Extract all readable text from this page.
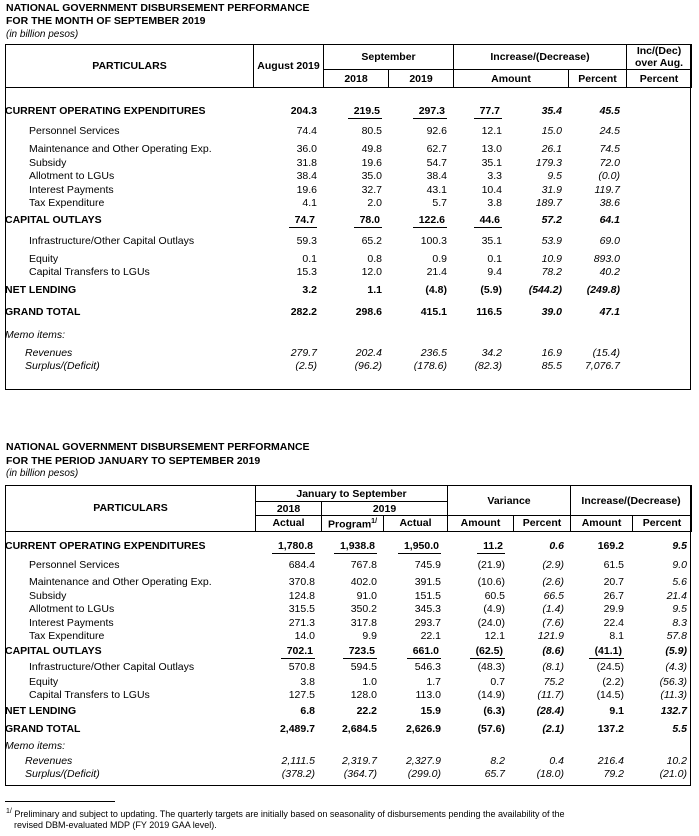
NATIONAL GOVERNMENT DISBURSEMENT PERFORMANCE
FOR THE MONTH OF SEPTEMBER 2019
(in billion pesos)
PARTICULARS	August 2019	September		Increase/(Decrease)		Inc/(Dec)
over Aug.
		2018	2019	Amount	Percent	Percent
CURRENT OPERATING EXPENDITURES	204.3	219.5	297.3	77.7	35.4	45.5
Personnel Services	74.4	80.5	92.6	12.1	15.0	24.5
Maintenance and Other Operating Exp.	36.0	49.8	62.7	13.0	26.1	74.5
Subsidy	31.8	19.6	54.7	35.1	179.3	72.0
Allotment to LGUs	38.4	35.0	38.4	3.3	9.5	(0.0)
Interest Payments	19.6	32.7	43.1	10.4	31.9	119.7
Tax Expenditure	4.1	2.0	5.7	3.8	189.7	38.6
CAPITAL OUTLAYS	74.7	78.0	122.6	44.6	57.2	64.1
Infrastructure/Other Capital Outlays	59.3	65.2	100.3	35.1	53.9	69.0
Equity	0.1	0.8	0.9	0.1	10.9	893.0
Capital Transfers to LGUs	15.3	12.0	21.4	9.4	78.2	40.2
NET LENDING	3.2	1.1	(4.8)	(5.9)	(544.2)	(249.8)
GRAND TOTAL	282.2	298.6	415.1	116.5	39.0	47.1
Memo items:						
Revenues	279.7	202.4	236.5	34.2	16.9	(15.4)
Surplus/(Deficit)	(2.5)	(96.2)	(178.6)	(82.3)	85.5	7,076.7
NATIONAL GOVERNMENT DISBURSEMENT PERFORMANCE
FOR THE PERIOD JANUARY TO SEPTEMBER 2019
(in billion pesos)
PARTICULARS	January to September			Variance		Increase/(Decrease)	
	2018	2019					
	Actual	Program$^{1/}$	Actual	Amount	Percent	Amount	Percent
CURRENT OPERATING EXPENDITURES	1,780.8	1,938.8	1,950.0	11.2	0.6	169.2	9.5
Personnel Services	684.4	767.8	745.9	(21.9)	(2.9)	61.5	9.0
Maintenance and Other Operating Exp.	370.8	402.0	391.5	(10.6)	(2.6)	20.7	5.6
Subsidy	124.8	91.0	151.5	60.5	66.5	26.7	21.4
Allotment to LGUs	315.5	350.2	345.3	(4.9)	(1.4)	29.9	9.5
Interest Payments	271.3	317.8	293.7	(24.0)	(7.6)	22.4	8.3
Tax Expenditure	14.0	9.9	22.1	12.1	121.9	8.1	57.8
CAPITAL OUTLAYS	702.1	723.5	661.0	(62.5)	(8.6)	(41.1)	(5.9)
Infrastructure/Other Capital Outlays	570.8	594.5	546.3	(48.3)	(8.1)	(24.5)	(4.3)
Equity	3.8	1.0	1.7	0.7	75.2	(2.2)	(56.3)
Capital Transfers to LGUs	127.5	128.0	113.0	(14.9)	(11.7)	(14.5)	(11.3)
NET LENDING	6.8	22.2	15.9	(6.3)	(28.4)	9.1	132.7
GRAND TOTAL	2,489.7	2,684.5	2,626.9	(57.6)	(2.1)	137.2	5.5
Memo items:							
Revenues	2,111.5	2,319.7	2,327.9	8.2	0.4	216.4	10.2
Surplus/(Deficit)	(378.2)	(364.7)	(299.0)	65.7	(18.0)	79.2	(21.0)
$^{1/}$ Preliminary and subject to updating. The quarterly targets are initially based on seasonality of disbursements pending the availability of the
revised DBM-evaluated MDP (FY 2019 GAA level).
